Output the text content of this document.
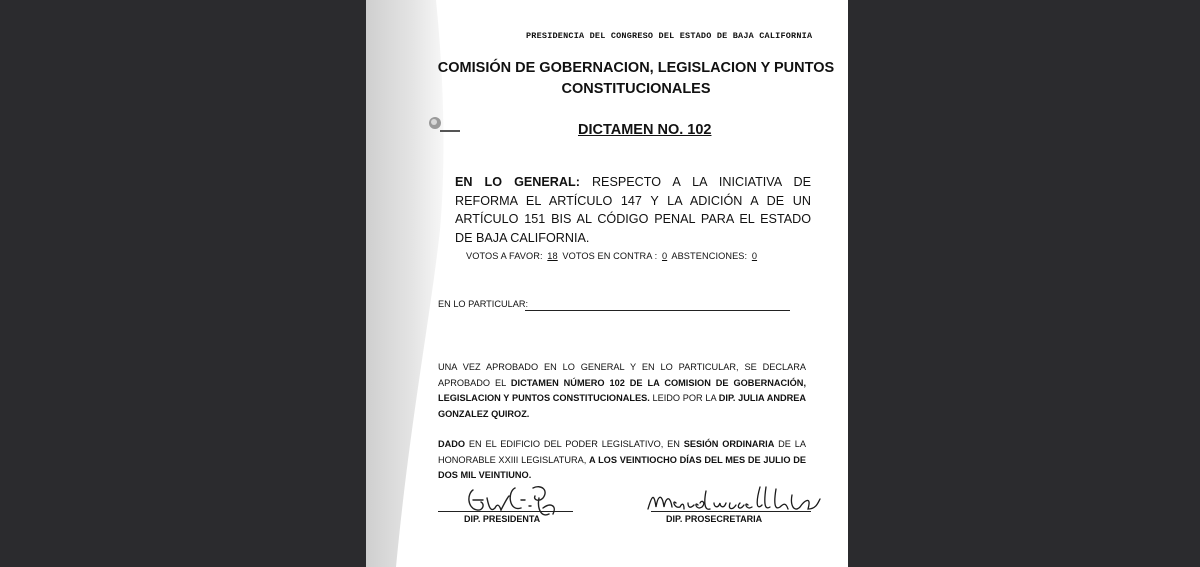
PRESIDENCIA DEL CONGRESO DEL ESTADO DE BAJA CALIFORNIA
COMISIÓN DE GOBERNACION, LEGISLACION Y PUNTOS CONSTITUCIONALES
DICTAMEN NO. 102
EN LO GENERAL: RESPECTO A LA INICIATIVA DE REFORMA EL ARTÍCULO 147 Y LA ADICIÓN A DE UN ARTÍCULO 151 BIS AL CÓDIGO PENAL PARA EL ESTADO DE BAJA CALIFORNIA.
VOTOS A FAVOR: 18 VOTOS EN CONTRA : 0 ABSTENCIONES: 0
EN LO PARTICULAR:
UNA VEZ APROBADO EN LO GENERAL Y EN LO PARTICULAR, SE DECLARA APROBADO EL DICTAMEN NÚMERO 102 DE LA COMISION DE GOBERNACIÓN, LEGISLACION Y PUNTOS CONSTITUCIONALES. LEIDO POR LA DIP. JULIA ANDREA GONZALEZ QUIROZ.
DADO EN EL EDIFICIO DEL PODER LEGISLATIVO, EN SESIÓN ORDINARIA DE LA HONORABLE XXIII LEGISLATURA, A LOS VEINTIOCHO DÍAS DEL MES DE JULIO DE DOS MIL VEINTIUNO.
DIP. PRESIDENTA	DIP. PROSECRETARIA
